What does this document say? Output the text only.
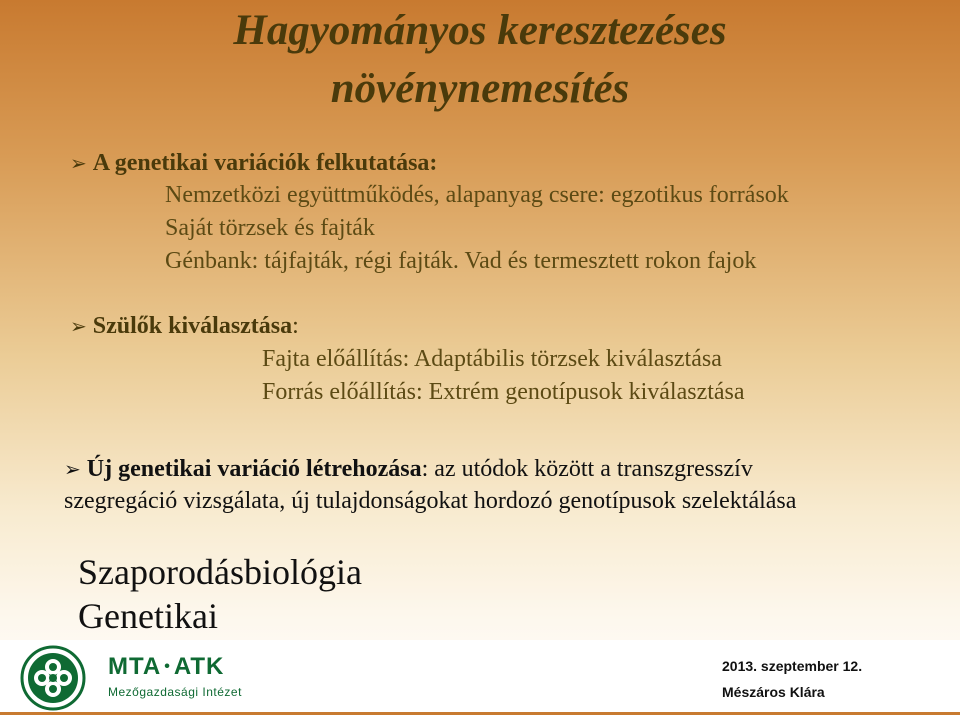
Hagyományos keresztezéses
növénynemesítés
➢ A genetikai variációk felkutatása:
Nemzetközi együttműködés, alapanyag csere: egzotikus források
Saját törzsek és fajták
Génbank: tájfajták, régi fajták. Vad és termesztett rokon fajok
➢ Szülők kiválasztása:
Fajta előállítás: Adaptábilis törzsek kiválasztása
Forrás előállítás: Extrém genotípusok kiválasztása
➢ Új genetikai variáció létrehozása: az utódok között a transzgresszív
szegregáció vizsgálata, új tulajdonságokat hordozó genotípusok szelektálása
Szaporodásbiológia
Genetikai
MTA • ATK
Mezőgazdasági Intézet
2013. szeptember 12.
Mészáros Klára
